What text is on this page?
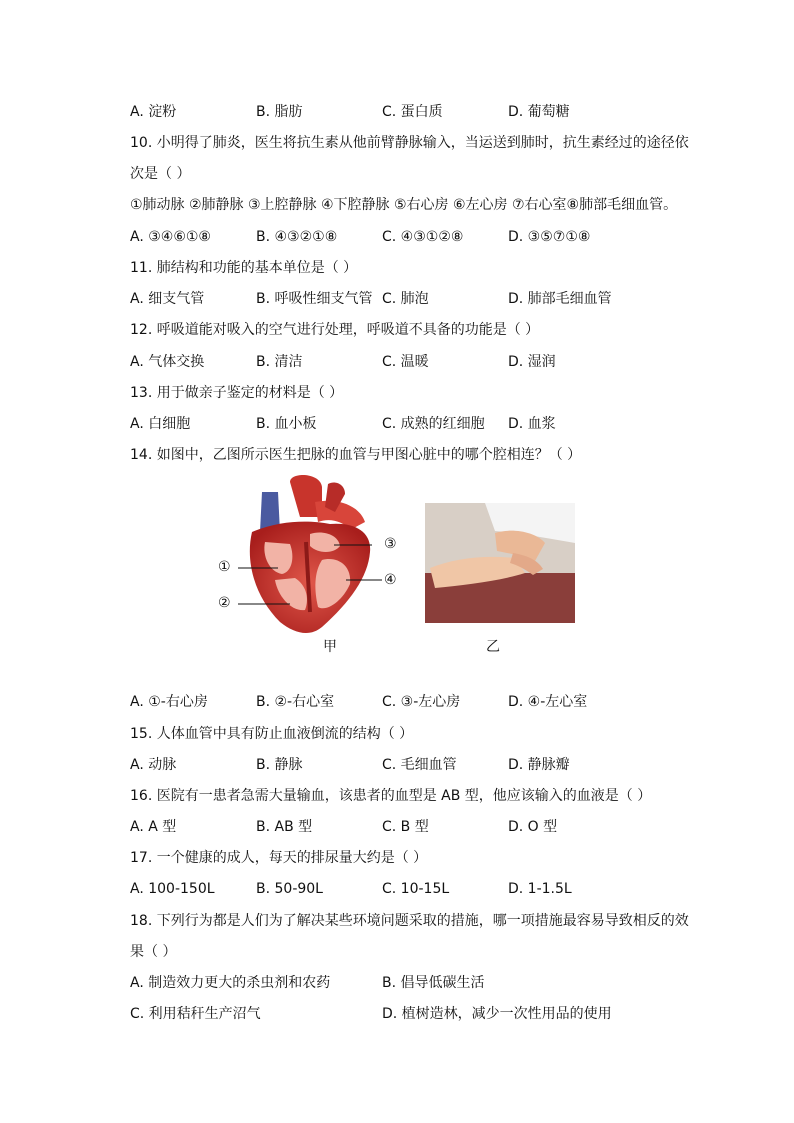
A. 淀粉	B. 脂肪	C. 蛋白质	D. 葡萄糖
10. 小明得了肺炎，医生将抗生素从他前臂静脉输入，当运送到肺时，抗生素经过的途径依
次是（ ）
①肺动脉 ②肺静脉 ③上腔静脉 ④下腔静脉 ⑤右心房 ⑥左心房 ⑦右心室⑧肺部毛细血管。
A. ③④⑥①⑧	B. ④③②①⑧	C. ④③①②⑧	D. ③⑤⑦①⑧
11. 肺结构和功能的基本单位是（ ）
A. 细支气管	B. 呼吸性细支气管 C. 肺泡	D. 肺部毛细血管
12. 呼吸道能对吸入的空气进行处理，呼吸道不具备的功能是（ ）
A. 气体交换	B. 清洁	C. 温暖	D. 湿润
13. 用于做亲子鉴定的材料是（ ）
A. 白细胞	B. 血小板	C. 成熟的红细胞 D. 血浆
14. 如图中，乙图所示医生把脉的血管与甲图心脏中的哪个腔相连？（ ）
①
②
③
④
甲	乙
A. ①-右心房	B. ②-右心室	C. ③-左心房	D. ④-左心室
15. 人体血管中具有防止血液倒流的结构（ ）
A. 动脉	B. 静脉	C. 毛细血管	D. 静脉瓣
16. 医院有一患者急需大量输血，该患者的血型是 AB 型，他应该输入的血液是（ ）
A. A 型	B. AB 型	C. B 型	D. O 型
17. 一个健康的成人，每天的排尿量大约是（ ）
A. 100-150L	B. 50-90L	C. 10-15L	D. 1-1.5L
18. 下列行为都是人们为了解决某些环境问题采取的措施，哪一项措施最容易导致相反的效
果（ ）
A. 制造效力更大的杀虫剂和农药	B. 倡导低碳生活
C. 利用秸秆生产沼气	D. 植树造林，减少一次性用品的使用
